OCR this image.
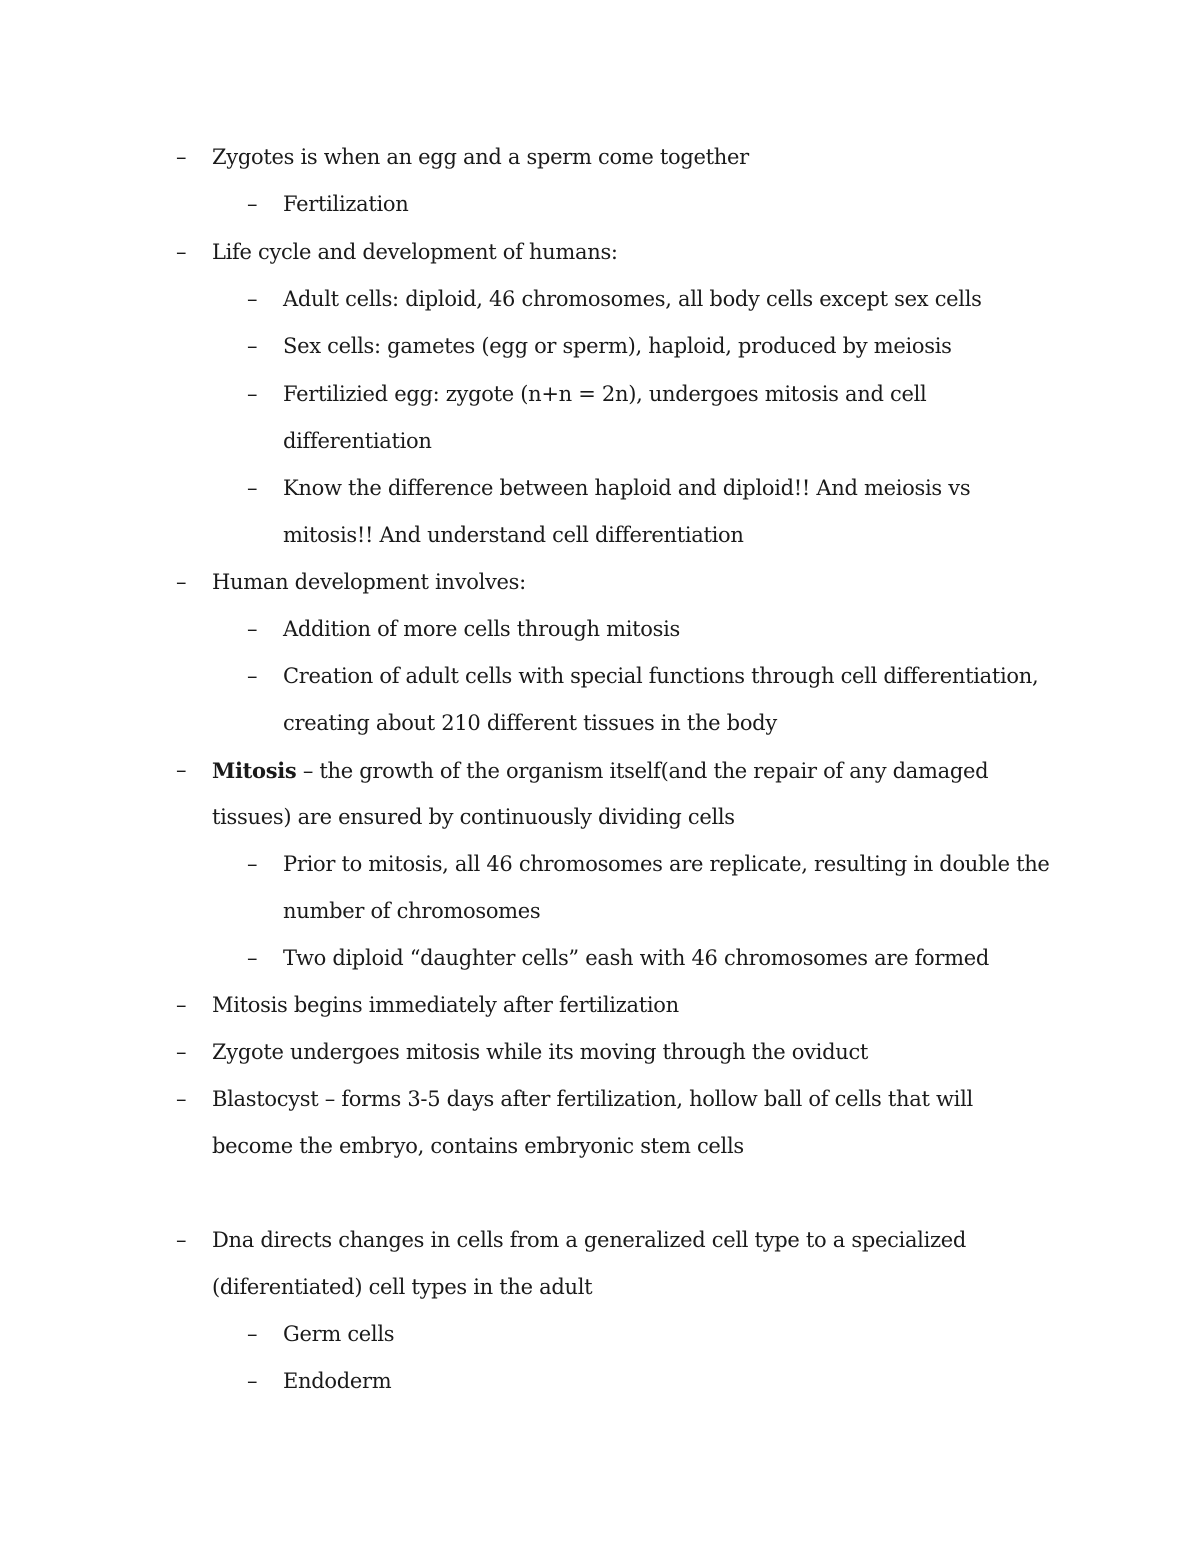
– Zygotes is when an egg and a sperm come together
– Fertilization
– Life cycle and development of humans:
– Adult cells: diploid, 46 chromosomes, all body cells except sex cells
– Sex cells: gametes (egg or sperm), haploid, produced by meiosis
– Fertilizied egg: zygote (n+n = 2n), undergoes mitosis and cell
differentiation
– Know the difference between haploid and diploid!! And meiosis vs
mitosis!! And understand cell differentiation
– Human development involves:
– Addition of more cells through mitosis
– Creation of adult cells with special functions through cell differentiation,
creating about 210 different tissues in the body
– Mitosis – the growth of the organism itself(and the repair of any damaged
tissues) are ensured by continuously dividing cells
– Prior to mitosis, all 46 chromosomes are replicate, resulting in double the
number of chromosomes
– Two diploid “daughter cells” eash with 46 chromosomes are formed
– Mitosis begins immediately after fertilization
– Zygote undergoes mitosis while its moving through the oviduct
– Blastocyst – forms 3-5 days after fertilization, hollow ball of cells that will
become the embryo, contains embryonic stem cells
– Dna directs changes in cells from a generalized cell type to a specialized
(diferentiated) cell types in the adult
– Germ cells
– Endoderm
